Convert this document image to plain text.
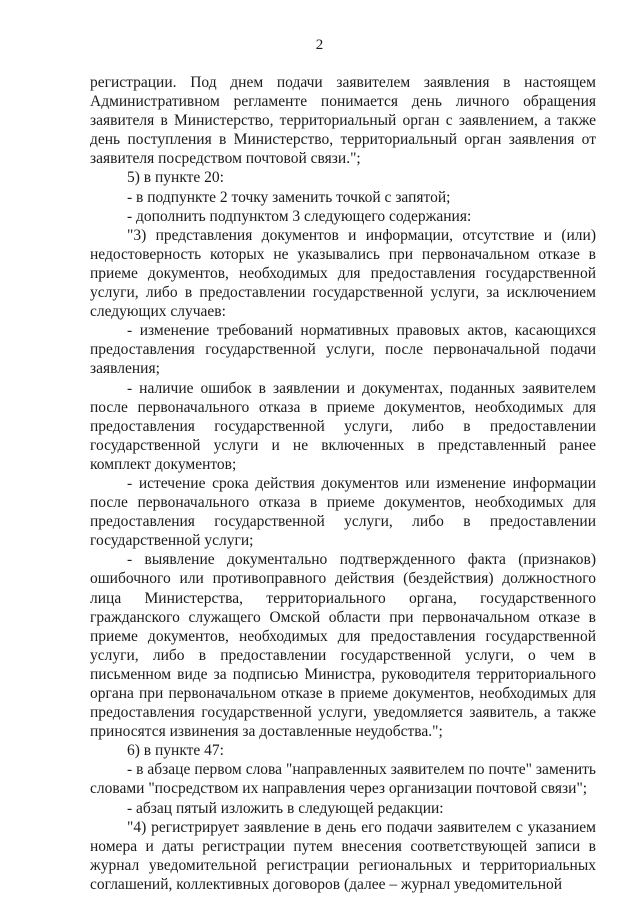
2

регистрации. Под днем подачи заявителем заявления в настоящем Административном регламенте понимается день личного обращения заявителя в Министерство, территориальный орган с заявлением, а также день поступления в Министерство, территориальный орган заявления от заявителя посредством почтовой связи.";

5) в пункте 20:

- в подпункте 2 точку заменить точкой с запятой;

- дополнить подпунктом 3 следующего содержания:

"3) представления документов и информации, отсутствие и (или) недостоверность которых не указывались при первоначальном отказе в приеме документов, необходимых для предоставления государственной услуги, либо в предоставлении государственной услуги, за исключением следующих случаев:

- изменение требований нормативных правовых актов, касающихся предоставления государственной услуги, после первоначальной подачи заявления;

- наличие ошибок в заявлении и документах, поданных заявителем после первоначального отказа в приеме документов, необходимых для предоставления государственной услуги, либо в предоставлении государственной услуги и не включенных в представленный ранее комплект документов;

- истечение срока действия документов или изменение информации после первоначального отказа в приеме документов, необходимых для предоставления государственной услуги, либо в предоставлении государственной услуги;

- выявление документально подтвержденного факта (признаков) ошибочного или противоправного действия (бездействия) должностного лица Министерства, территориального органа, государственного гражданского служащего Омской области при первоначальном отказе в приеме документов, необходимых для предоставления государственной услуги, либо в предоставлении государственной услуги, о чем в письменном виде за подписью Министра, руководителя территориального органа при первоначальном отказе в приеме документов, необходимых для предоставления государственной услуги, уведомляется заявитель, а также приносятся извинения за доставленные неудобства.";

6) в пункте 47:

- в абзаце первом слова "направленных заявителем по почте" заменить словами "посредством их направления через организации почтовой связи";

- абзац пятый изложить в следующей редакции:

"4) регистрирует заявление в день его подачи заявителем с указанием номера и даты регистрации путем внесения соответствующей записи в журнал уведомительной регистрации региональных и территориальных соглашений, коллективных договоров (далее – журнал уведомительной
